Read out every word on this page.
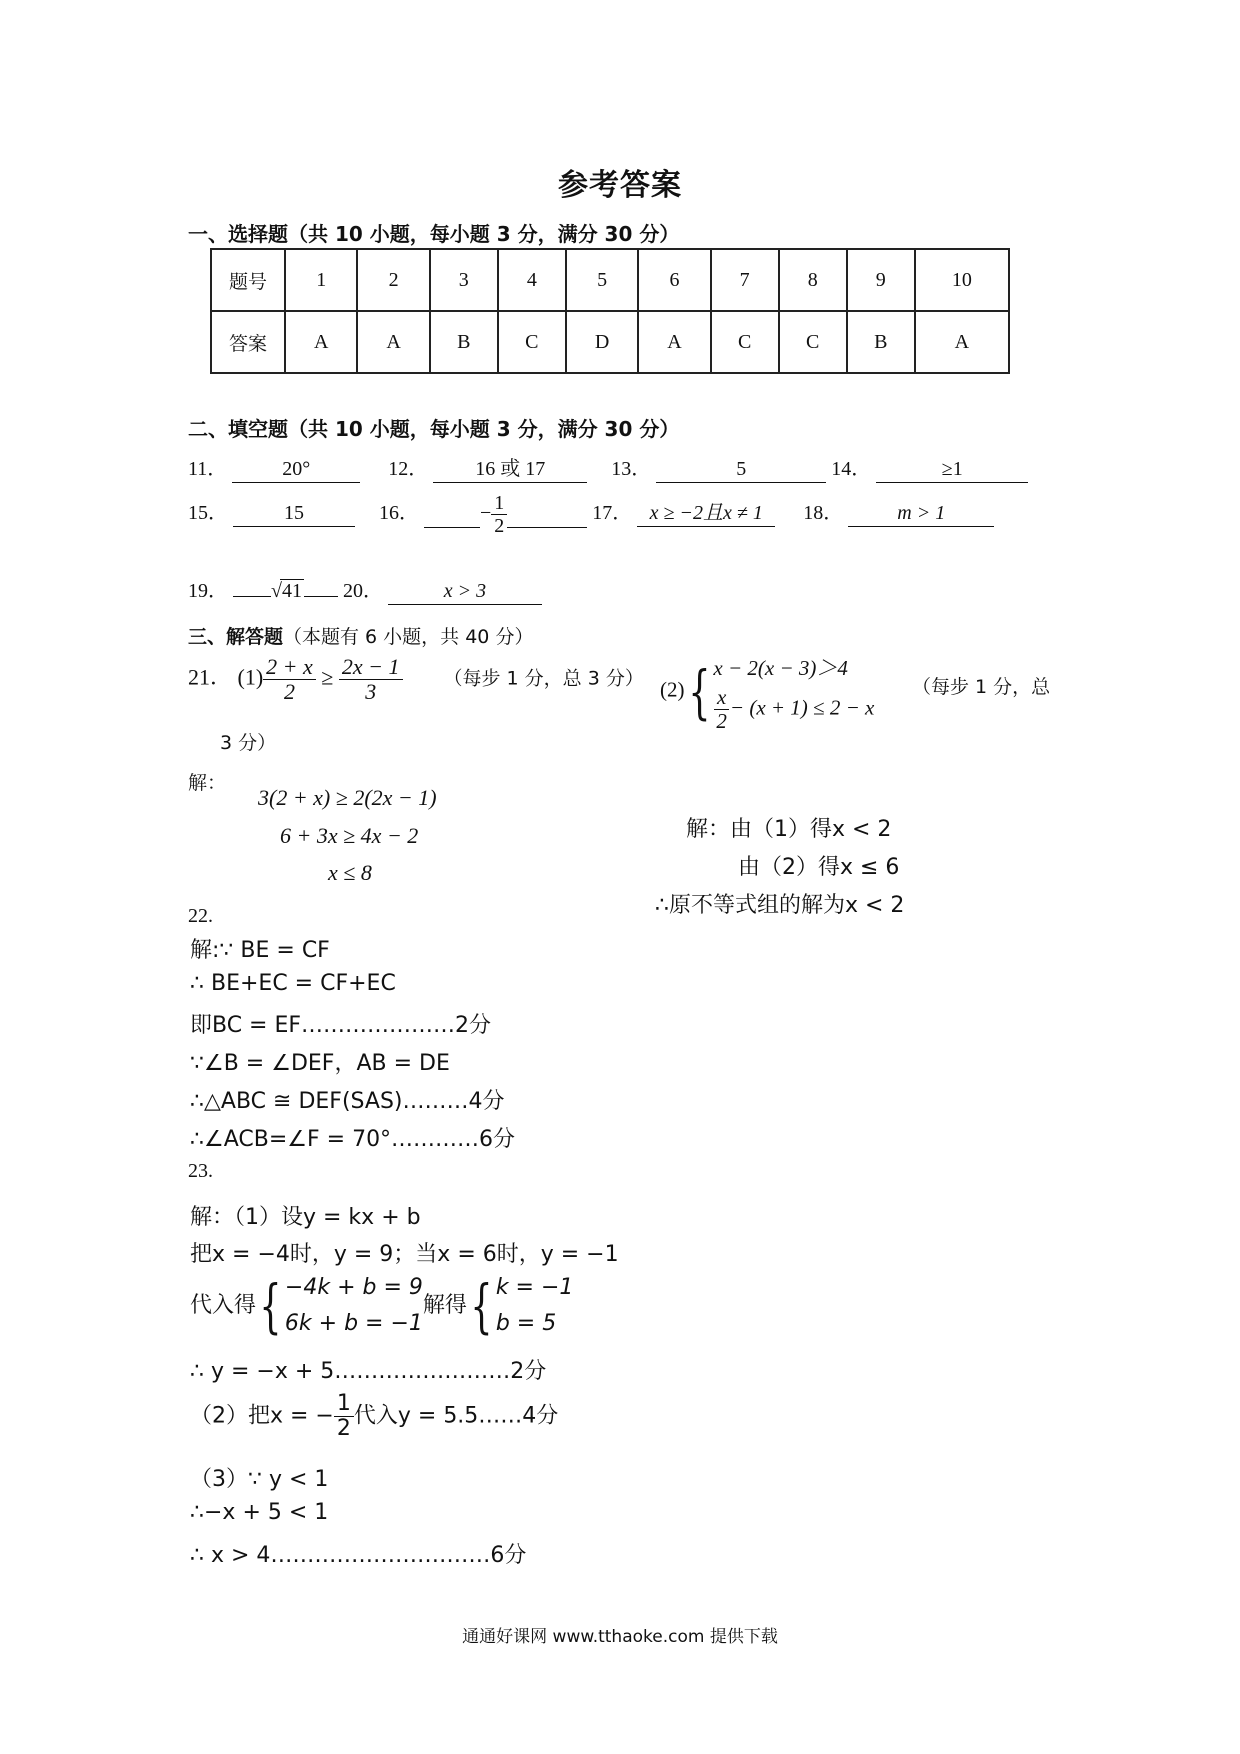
参考答案
一、选择题（共 10 小题，每小题 3 分，满分 30 分）
题号	1	2	3	4	5	6	7	8	9	10
答案	A	A	B	C	D	A	C	C	B	A
二、填空题（共 10 小题，每小题 3 分，满分 30 分）
11．	20°	12． 16 或 17	13．	5	14．	≥1
15．	15	16．	− $\frac{1}{2}$	17． x ≥ −2且x ≠ 1 18．	m > 1
19． √41 20．	x > 3
三、解答题（本题有 6 小题，共 40 分）
21． $(1) \frac{2 + x}{2} \ge \frac{2x - 1}{3}$ （每步 1 分，总 3 分） (2){ x − 2(x − 3)＞4
$\frac{x}{2} - (x + 1) \le 2 - x$
（每步 1 分，总
3 分）
解：
3(2 + x) ≥ 2(2x − 1)
6 + 3x ≥ 4x − 2
x ≤ 8
解：由（1）得x < 2
由（2）得x ≤ 6
∴原不等式组的解为x < 2
22.
解:∵ BE = CF
∴ BE+EC = CF+EC
即BC = EF…………………2分
∵∠B = ∠DEF，AB = DE
∴△ABC ≅ DEF(SAS)………4分
∴∠ACB=∠F = 70°…………6分
23.
解：（1）设y = kx + b
把x = −4时，y = 9；当x = 6时，y = −1
代入得{ −4k + b = 9
6k + b = −1
解得{ k = −1
b = 5
∴ y = −x + 5……………………2分
（2）把x = − $\frac{1}{2}$ 代入y = 5.5……4分
（3）∵ y < 1
∴−x + 5 < 1
∴ x > 4…………………………6分
通通好课网 www.tthaoke.com 提供下载
